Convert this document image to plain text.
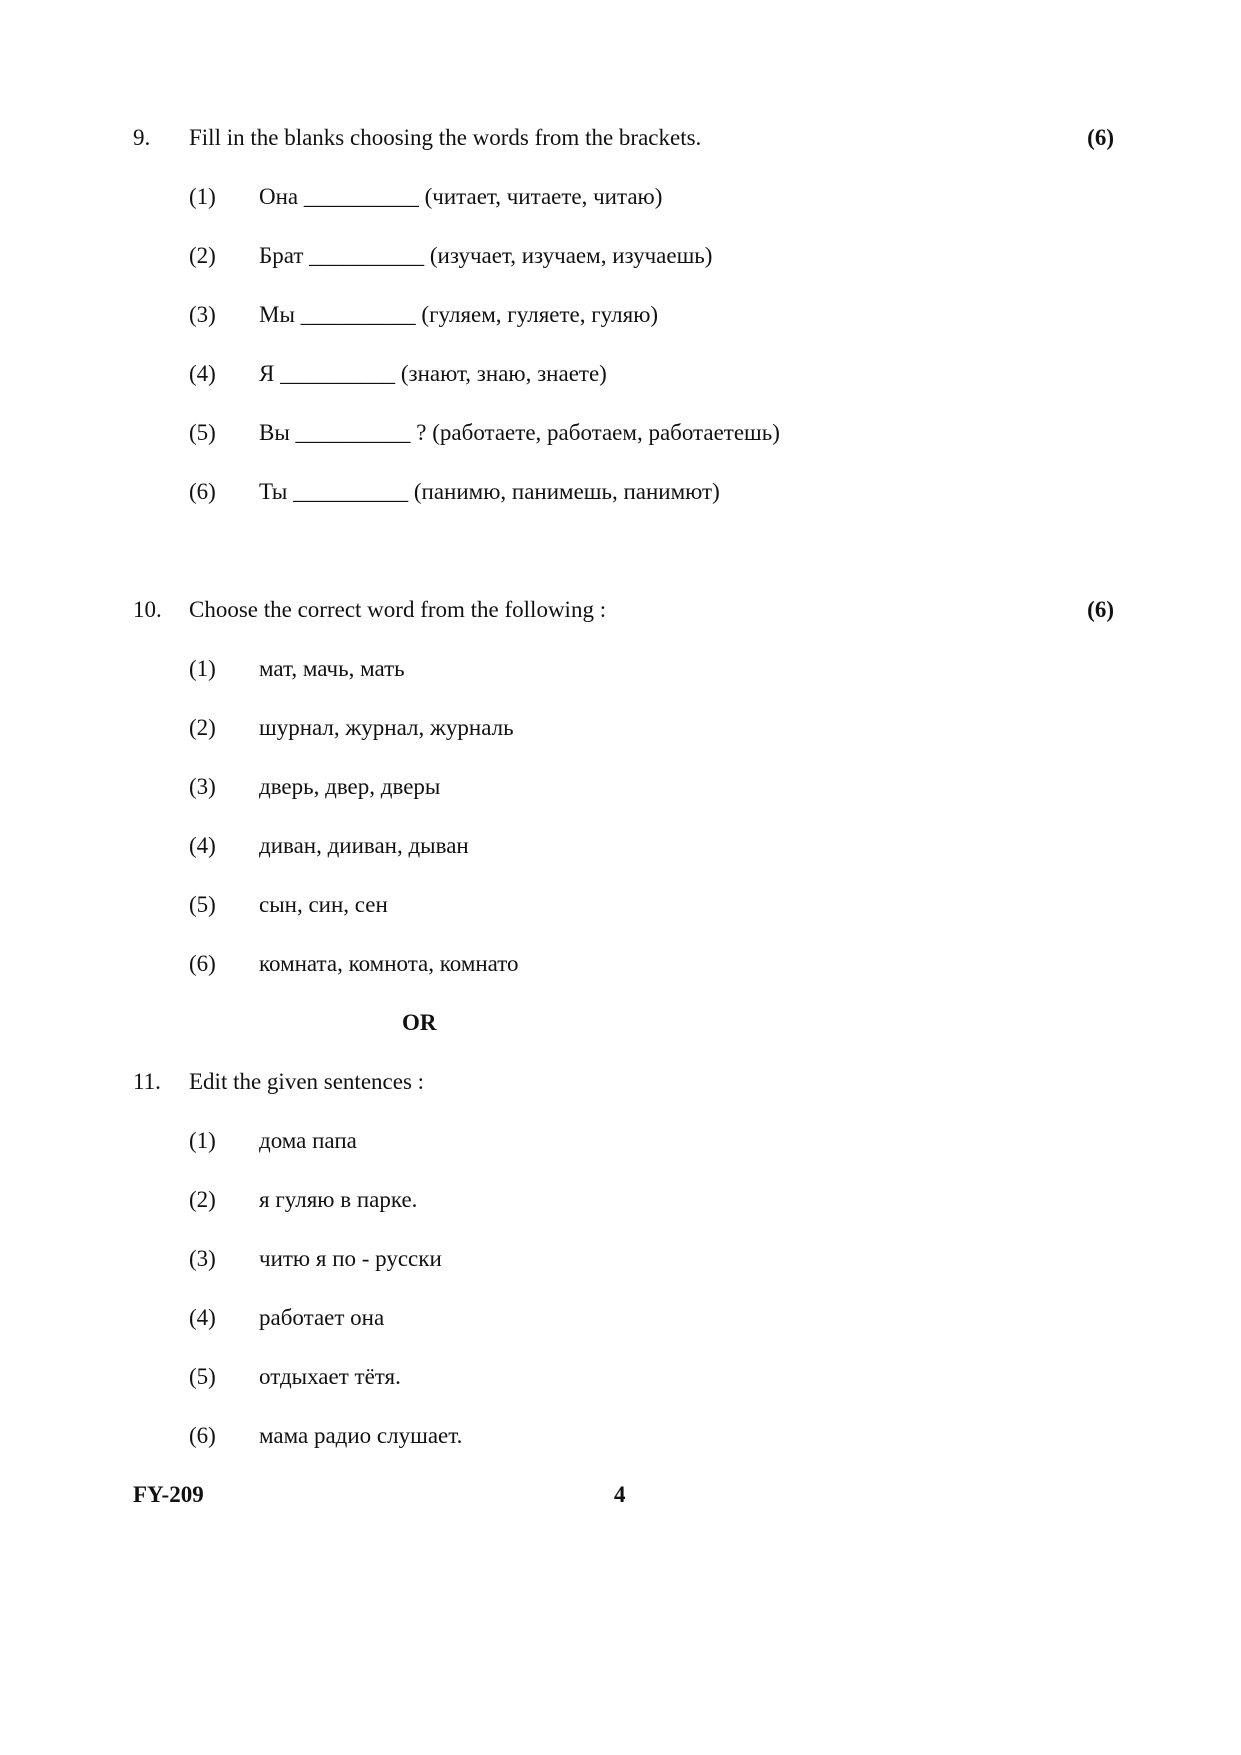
9. Fill in the blanks choosing the words from the brackets.	(6)
(1) Она __________ (читает, читаете, читаю)
(2) Брат __________ (изучает, изучаем, изучаешь)
(3) Мы __________ (гуляем, гуляете, гуляю)
(4) Я __________ (знают, знаю, знаете)
(5) Вы __________ ? (работаете, работаем, работаетешь)
(6) Ты __________ (панимю, панимешь, панимют)
10. Choose the correct word from the following :	(6)
(1) мат, мачь, мать
(2) шурнал, журнал, журналь
(3) дверь, двер, дверы
(4) диван, дииван, дыван
(5) сын, син, сен
(6) комната, комнота, комнато
OR
11. Edit the given sentences :
(1) дома папа
(2) я гуляю в парке.
(3) читю я по - русски
(4) работает она
(5) отдыхает тётя.
(6) мама радио слушает.
FY-209	4
